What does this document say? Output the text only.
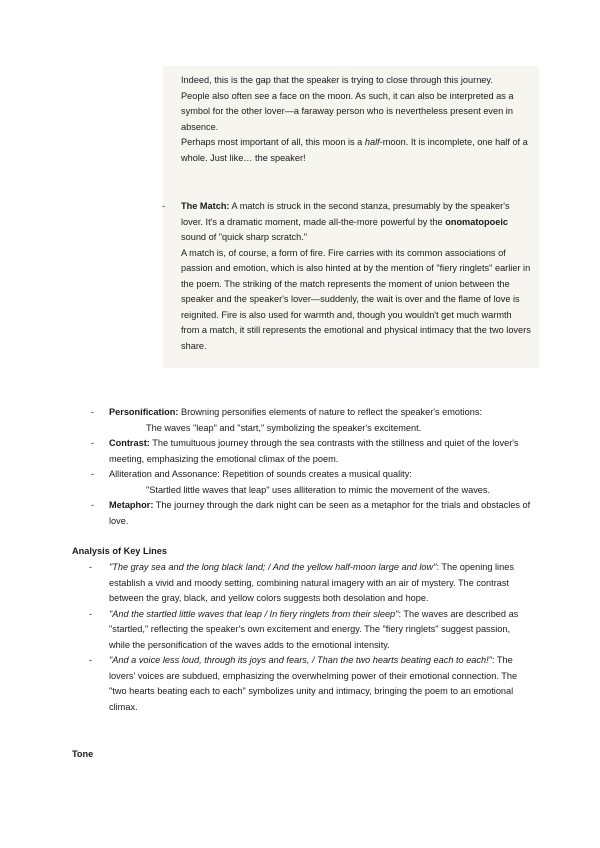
Indeed, this is the gap that the speaker is trying to close through this journey.

People also often see a face on the moon. As such, it can also be interpreted as a symbol for the other lover—a faraway person who is nevertheless present even in absence.

Perhaps most important of all, this moon is a half-moon. It is incomplete, one half of a whole. Just like… the speaker!

- The Match: A match is struck in the second stanza, presumably by the speaker's lover. It's a dramatic moment, made all-the-more powerful by the onomatopoeic sound of "quick sharp scratch."

A match is, of course, a form of fire. Fire carries with its common associations of passion and emotion, which is also hinted at by the mention of "fiery ringlets" earlier in the poem. The striking of the match represents the moment of union between the speaker and the speaker's lover—suddenly, the wait is over and the flame of love is reignited. Fire is also used for warmth and, though you wouldn't get much warmth from a match, it still represents the emotional and physical intimacy that the two lovers share.

- Personification: Browning personifies elements of nature to reflect the speaker's emotions:
The waves "leap" and "start," symbolizing the speaker's excitement.
- Contrast: The tumultuous journey through the sea contrasts with the stillness and quiet of the lover's meeting, emphasizing the emotional climax of the poem.
- Alliteration and Assonance: Repetition of sounds creates a musical quality:
"Startled little waves that leap" uses alliteration to mimic the movement of the waves.
- Metaphor: The journey through the dark night can be seen as a metaphor for the trials and obstacles of love.
Analysis of Key Lines
- "The gray sea and the long black land; / And the yellow half-moon large and low": The opening lines establish a vivid and moody setting, combining natural imagery with an air of mystery. The contrast between the gray, black, and yellow colors suggests both desolation and hope.
- "And the startled little waves that leap / In fiery ringlets from their sleep": The waves are described as "startled," reflecting the speaker's own excitement and energy. The "fiery ringlets" suggest passion, while the personification of the waves adds to the emotional intensity.
- "And a voice less loud, through its joys and fears, / Than the two hearts beating each to each!": The lovers' voices are subdued, emphasizing the overwhelming power of their emotional connection. The "two hearts beating each to each" symbolizes unity and intimacy, bringing the poem to an emotional climax.
Tone
